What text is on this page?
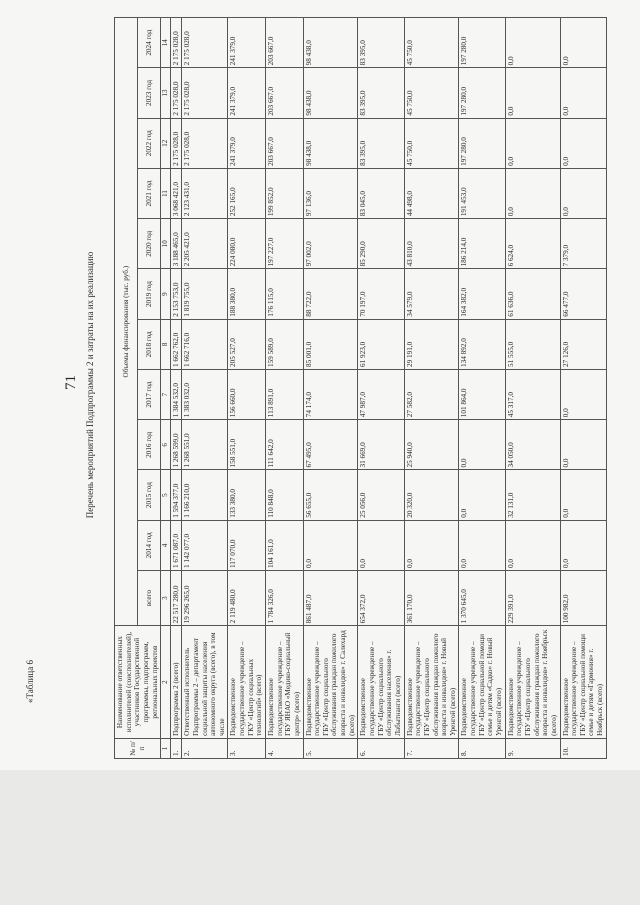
«Таблица 6
71 Перечень мероприятий Подпрограммы 2 и затраты на их реализацию
№ п/п	Наименование ответственных исполнителей (соисполнителей), участников Государственной программы, подпрограмм, региональных проектов	Объемы финансирования (тыс. руб.)											
		всего	2014 год	2015 год	2016 год	2017 год	2018 год	2019 год	2020 год	2021 год	2022 год	2023 год	2024 год
1	2	3	4	5	6	7	8	9	10	11	12	13	14
1.	Подпрограмма 2 (всего)	22 517 280,0	1 671 087,0	1 594 377,0	1 268 599,0	1 384 532,0	1 662 762,0	2 153 753,0	3 188 465,0	3 068 421,0	2 175 028,0	2 175 028,0	2 175 028,0
2.	Ответственный исполнитель Подпрограммы 2 – департамент социальной защиты населения автономного округа (всего), в том числе	19 296 265,0	1 142 077,0	1 166 210,0	1 268 551,0	1 383 032,0	1 662 716,0	1 819 755,0	2 205 421,0	2 123 431,0	2 175 028,0	2 175 028,0	2 175 028,0
3.	Подведомственное государственное учреждение – ГКУ «Центр социальных технологий» (всего)	2 119 480,0	117 070,0	133 380,0	158 551,0	156 660,0	205 527,0	188 380,0	224 080,0	252 165,0	241 379,0	241 379,0	241 379,0
4.	Подведомственное государственное учреждение – ГБУ ЯНАО «Медико-социальный центр» (всего)	1 784 326,0	104 161,0	110 848,0	111 642,0	113 891,0	159 589,0	176 115,0	197 227,0	199 852,0	203 667,0	203 667,0	203 667,0
5.	Подведомственное государственное учреждение – ГБУ «Центр социального обслуживания граждан пожилого возраста и инвалидов» г. Салехард (всего)	861 487,0	0,0	56 655,0	67 495,0	74 174,0	85 001,0	88 722,0	97 002,0	97 136,0	98 438,0	98 438,0	98 438,0
6.	Подведомственное государственное учреждение – ГБУ «Центр социального обслуживания населения» г. Лабытнанги (всего)	654 372,0	0,0	25 056,0	31 669,0	47 987,0	61 923,0	70 197,0	85 290,0	83 045,0	83 395,0	83 395,0	83 395,0
7.	Подведомственное государственное учреждение – ГБУ «Центр социального обслуживания граждан пожилого возраста и инвалидов» г. Новый Уренгой (всего)	361 170,0	0,0	20 320,0	25 940,0	27 582,0	29 191,0	34 579,0	43 810,0	44 498,0	45 750,0	45 750,0	45 750,0
8.	Подведомственное государственное учреждение – ГБУ «Центр социальной помощи семье и детям «Садко» г. Новый Уренгой (всего)	1 370 645,0	0,0	0,0	0,0	101 864,0	134 892,0	164 382,0	186 214,0	191 453,0	197 280,0	197 280,0	197 280,0
9.	Подведомственное государственное учреждение – ГБУ «Центр социального обслуживания граждан пожилого возраста и инвалидов» г. Ноябрьск (всего)	229 391,0	0,0	32 131,0	34 050,0	45 317,0	51 555,0	61 636,0	6 624,0	0,0	0,0	0,0	0,0
10.	Подведомственное государственное учреждение – ГБУ «Центр социальной помощи семье и детям «Гармония» г. Ноябрьск (всего)	100 982,0	0,0	0,0	0,0	0,0	27 126,0	66 477,0	7 379,0	0,0	0,0	0,0	0,0
